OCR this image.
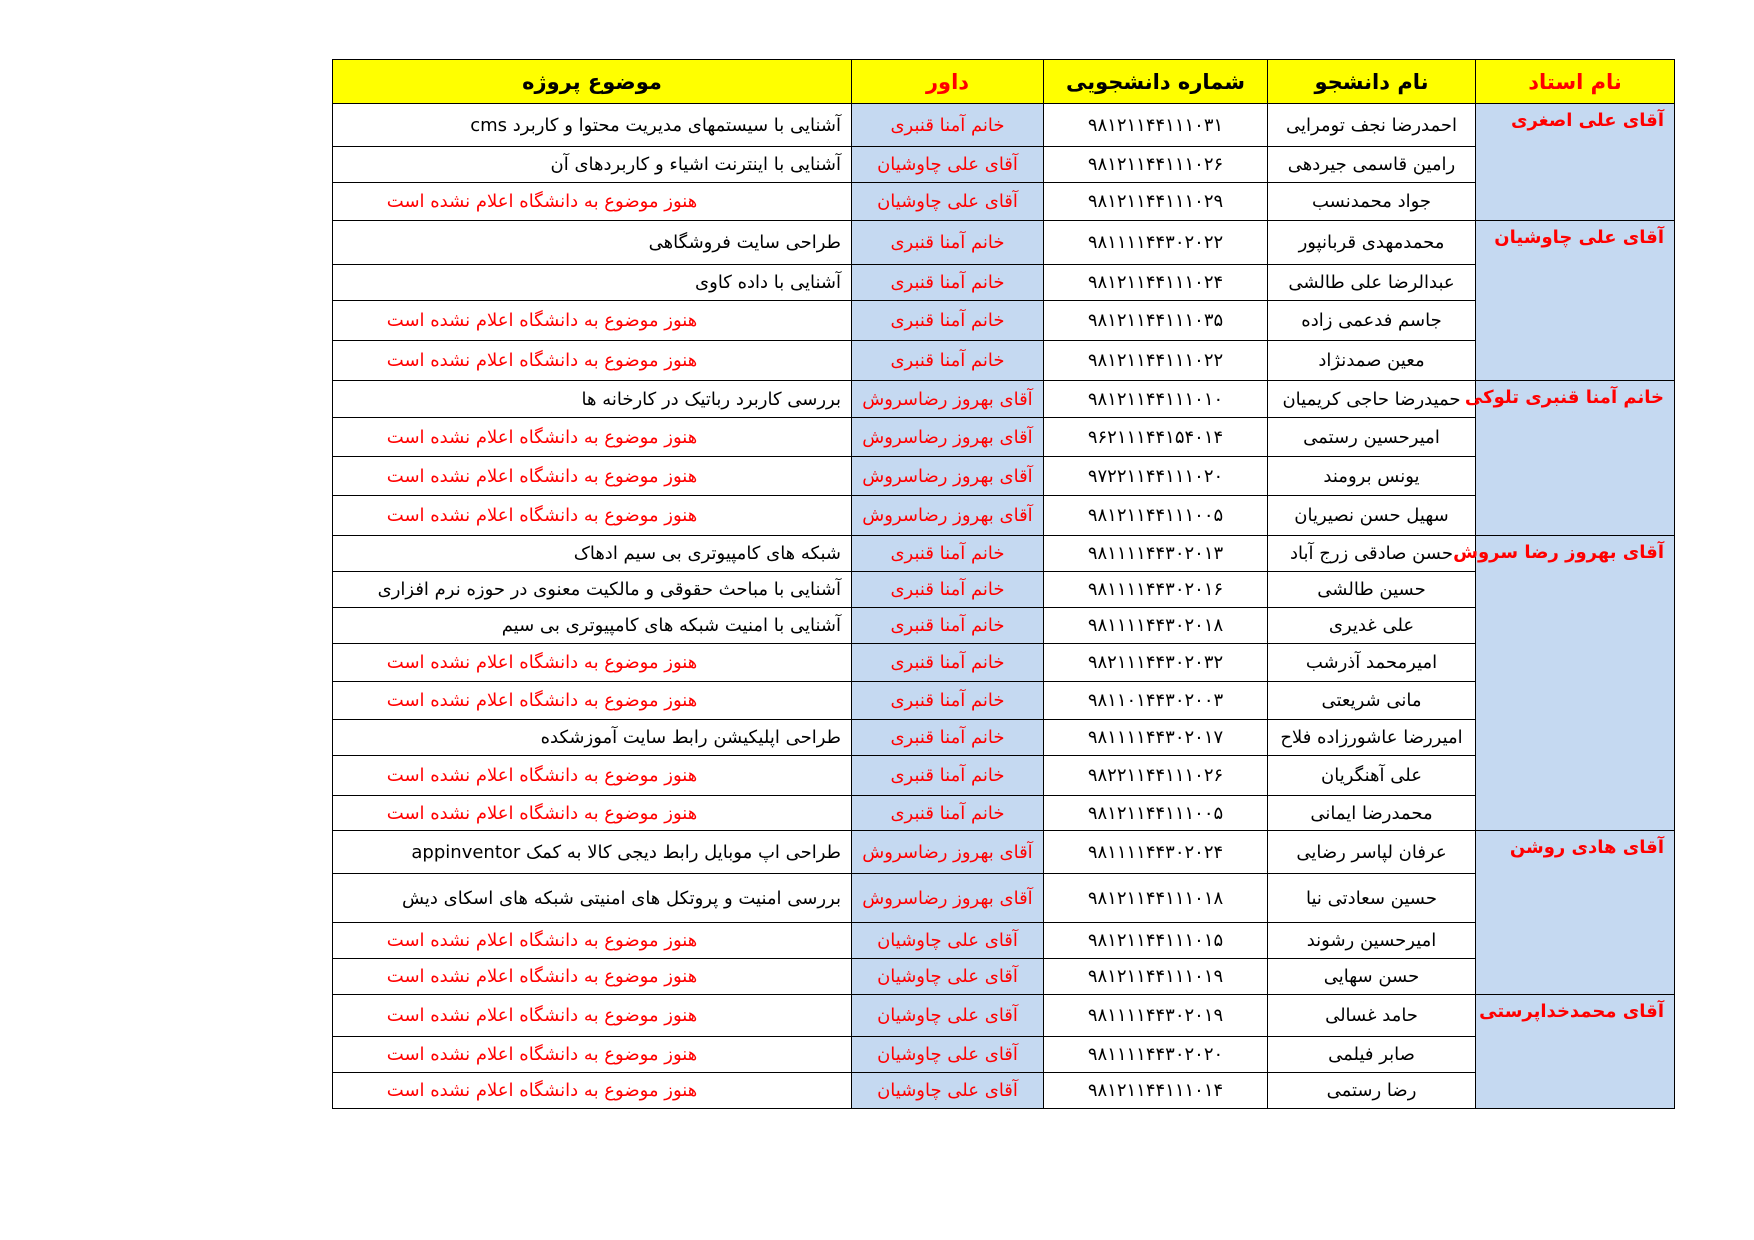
نام استاد	نام دانشجو	شماره دانشجویی	داور	موضوع پروژه
آقای علی اصغری	احمدرضا نجف تومرایی	۹۸۱۲۱۱۴۴۱۱۱۰۳۱	خانم آمنا قنبری	آشنایی با سیستمهای مدیریت محتوا و کاربرد cms
	رامین قاسمی جیردهی	۹۸۱۲۱۱۴۴۱۱۱۰۲۶	آقای علی چاوشیان	آشنایی با اینترنت اشیاء و کاربردهای آن
	جواد محمدنسب	۹۸۱۲۱۱۴۴۱۱۱۰۲۹	آقای علی چاوشیان	هنوز موضوع به دانشگاه اعلام نشده است
آقای علی چاوشیان	محمدمهدی قربانپور	۹۸۱۱۱۱۴۴۳۰۲۰۲۲	خانم آمنا قنبری	طراحی سایت فروشگاهی
	عبدالرضا علی طالشی	۹۸۱۲۱۱۴۴۱۱۱۰۲۴	خانم آمنا قنبری	آشنایی با داده کاوی
	جاسم فدعمی زاده	۹۸۱۲۱۱۴۴۱۱۱۰۳۵	خانم آمنا قنبری	هنوز موضوع به دانشگاه اعلام نشده است
	معین صمدنژاد	۹۸۱۲۱۱۴۴۱۱۱۰۲۲	خانم آمنا قنبری	هنوز موضوع به دانشگاه اعلام نشده است
خانم آمنا قنبری تلوکی	حمیدرضا حاجی کریمیان	۹۸۱۲۱۱۴۴۱۱۱۰۱۰	آقای بهروز رضاسروش	بررسی کاربرد رباتیک در کارخانه ها
	امیرحسین رستمی	۹۶۲۱۱۱۴۴۱۵۴۰۱۴	آقای بهروز رضاسروش	هنوز موضوع به دانشگاه اعلام نشده است
	یونس برومند	۹۷۲۲۱۱۴۴۱۱۱۰۲۰	آقای بهروز رضاسروش	هنوز موضوع به دانشگاه اعلام نشده است
	سهیل حسن نصیریان	۹۸۱۲۱۱۴۴۱۱۱۰۰۵	آقای بهروز رضاسروش	هنوز موضوع به دانشگاه اعلام نشده است
آقای بهروز رضا سروش	حسن صادقی زرج آباد	۹۸۱۱۱۱۴۴۳۰۲۰۱۳	خانم آمنا قنبری	شبکه های کامپیوتری بی سیم ادهاک
	حسین طالشی	۹۸۱۱۱۱۴۴۳۰۲۰۱۶	خانم آمنا قنبری	آشنایی با مباحث حقوقی و مالکیت معنوی در حوزه نرم افزاری
	علی غدیری	۹۸۱۱۱۱۴۴۳۰۲۰۱۸	خانم آمنا قنبری	آشنایی با امنیت شبکه های کامپیوتری بی سیم
	امیرمحمد آذرشب	۹۸۲۱۱۱۴۴۳۰۲۰۳۲	خانم آمنا قنبری	هنوز موضوع به دانشگاه اعلام نشده است
	مانی شریعتی	۹۸۱۱۰۱۴۴۳۰۲۰۰۳	خانم آمنا قنبری	هنوز موضوع به دانشگاه اعلام نشده است
	امیررضا عاشورزاده فلاح	۹۸۱۱۱۱۴۴۳۰۲۰۱۷	خانم آمنا قنبری	طراحی اپلیکیشن رابط سایت آموزشکده
	علی آهنگریان	۹۸۲۲۱۱۴۴۱۱۱۰۲۶	خانم آمنا قنبری	هنوز موضوع به دانشگاه اعلام نشده است
	محمدرضا ایمانی	۹۸۱۲۱۱۴۴۱۱۱۰۰۵	خانم آمنا قنبری	هنوز موضوع به دانشگاه اعلام نشده است
آقای هادی روشن	عرفان لپاسر رضایی	۹۸۱۱۱۱۴۴۳۰۲۰۲۴	آقای بهروز رضاسروش	طراحی اپ موبایل رابط دیجی کالا به کمک appinventor
	حسین سعادتی نیا	۹۸۱۲۱۱۴۴۱۱۱۰۱۸	آقای بهروز رضاسروش	بررسی امنیت و پروتکل های امنیتی شبکه های اسکای دیش
	امیرحسین رشوند	۹۸۱۲۱۱۴۴۱۱۱۰۱۵	آقای علی چاوشیان	هنوز موضوع به دانشگاه اعلام نشده است
	حسن سهایی	۹۸۱۲۱۱۴۴۱۱۱۰۱۹	آقای علی چاوشیان	هنوز موضوع به دانشگاه اعلام نشده است
آقای محمدخداپرستی	حامد غسالی	۹۸۱۱۱۱۴۴۳۰۲۰۱۹	آقای علی چاوشیان	هنوز موضوع به دانشگاه اعلام نشده است
	صابر فیلمی	۹۸۱۱۱۱۴۴۳۰۲۰۲۰	آقای علی چاوشیان	هنوز موضوع به دانشگاه اعلام نشده است
	رضا رستمی	۹۸۱۲۱۱۴۴۱۱۱۰۱۴	آقای علی چاوشیان	هنوز موضوع به دانشگاه اعلام نشده است
